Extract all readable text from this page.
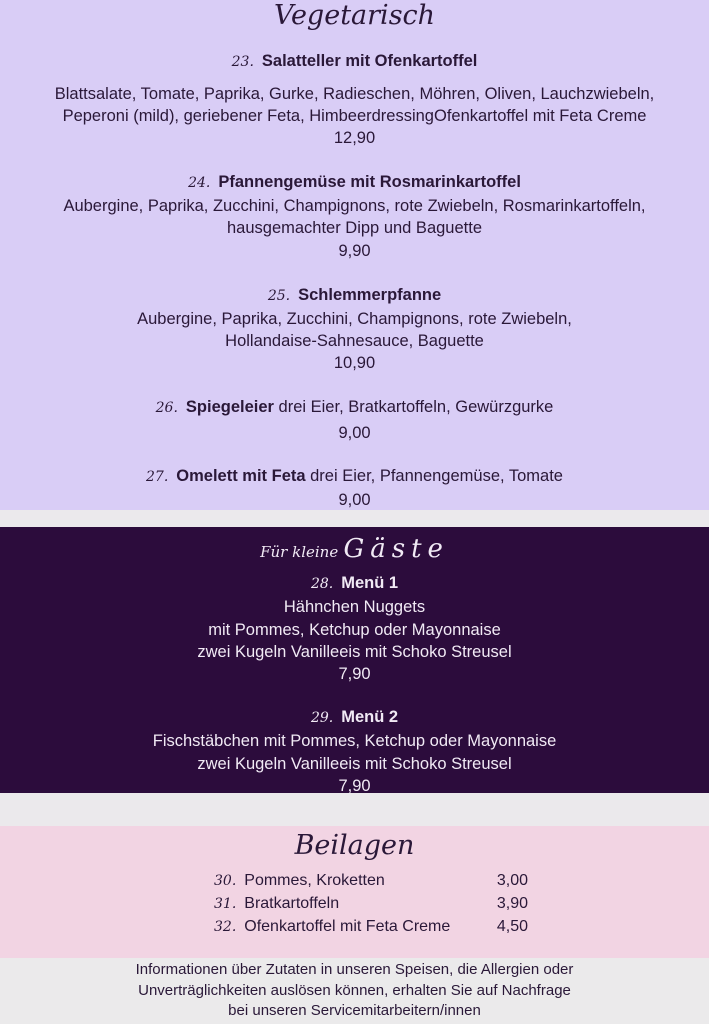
Vegetarisch
23. Salatteller mit Ofenkartoffel
Blattsalate, Tomate, Paprika, Gurke, Radieschen, Möhren, Oliven, Lauchzwiebeln,
Peperoni (mild), geriebener Feta, HimbeerdressingOfenkartoffel mit Feta Creme
12,90
24. Pfannengemüse mit Rosmarinkartoffel
Aubergine, Paprika, Zucchini, Champignons, rote Zwiebeln, Rosmarinkartoffeln,
hausgemachter Dipp und Baguette
9,90
25. Schlemmerpfanne
Aubergine, Paprika, Zucchini, Champignons, rote Zwiebeln,
Hollandaise-Sahnesauce, Baguette
10,90
26. Spiegeleier drei Eier, Bratkartoffeln, Gewürzgurke
9,00
27. Omelett mit Feta drei Eier, Pfannengemüse, Tomate
9,00
Für kleine Gäste
28. Menü 1
Hähnchen Nuggets
mit Pommes, Ketchup oder Mayonnaise
zwei Kugeln Vanilleeis mit Schoko Streusel
7,90
29. Menü 2
Fischstäbchen mit Pommes, Ketchup oder Mayonnaise
zwei Kugeln Vanilleeis mit Schoko Streusel
7,90
Beilagen
30. Pommes, Kroketten	3,00
31. Bratkartoffeln	3,90
32. Ofenkartoffel mit Feta Creme	4,50
Informationen über Zutaten in unseren Speisen, die Allergien oder
Unverträglichkeiten auslösen können, erhalten Sie auf Nachfrage
bei unseren Servicemitarbeitern/innen
